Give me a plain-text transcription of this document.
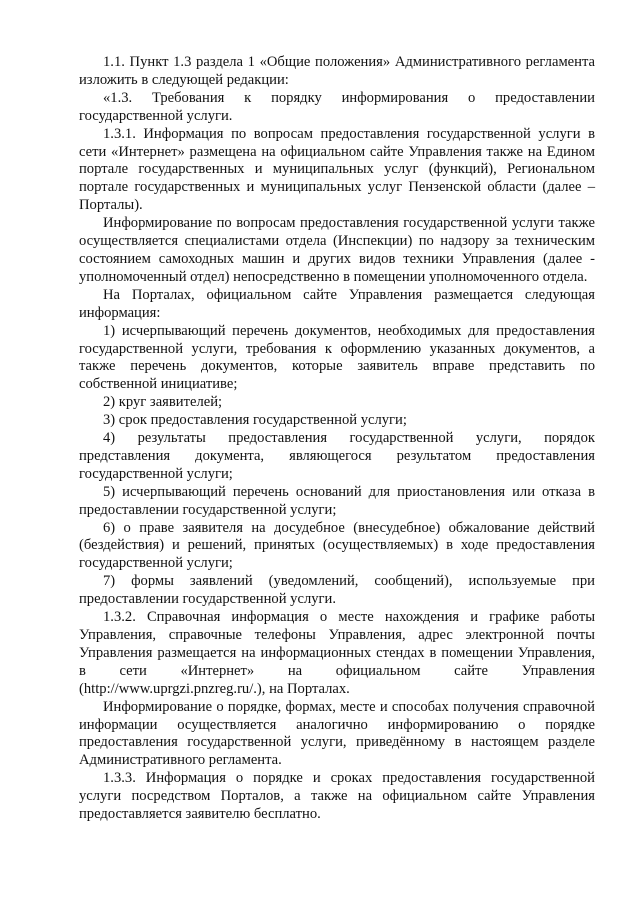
1.1. Пункт 1.3 раздела 1 «Общие положения» Административного регламента изложить в следующей редакции:

«1.3. Требования к порядку информирования о предоставлении государственной услуги.

1.3.1. Информация по вопросам предоставления государственной услуги в сети «Интернет» размещена на официальном сайте Управления также на Едином портале государственных и муниципальных услуг (функций), Региональном портале государственных и муниципальных услуг Пензенской области (далее – Порталы).

Информирование по вопросам предоставления государственной услуги также осуществляется специалистами отдела (Инспекции) по надзору за техническим состоянием самоходных машин и других видов техники Управления (далее - уполномоченный отдел) непосредственно в помещении уполномоченного отдела.

На Порталах, официальном сайте Управления размещается следующая информация:

1) исчерпывающий перечень документов, необходимых для предоставления государственной услуги, требования к оформлению указанных документов, а также перечень документов, которые заявитель вправе представить по собственной инициативе;

2) круг заявителей;

3) срок предоставления государственной услуги;

4) результаты предоставления государственной услуги, порядок представления документа, являющегося результатом предоставления государственной услуги;

5) исчерпывающий перечень оснований для приостановления или отказа в предоставлении государственной услуги;

6) о праве заявителя на досудебное (внесудебное) обжалование действий (бездействия) и решений, принятых (осуществляемых) в ходе предоставления государственной услуги;

7) формы заявлений (уведомлений, сообщений), используемые при предоставлении государственной услуги.

1.3.2. Справочная информация о месте нахождения и графике работы Управления, справочные телефоны Управления, адрес электронной почты Управления размещается на информационных стендах в помещении Управления, в сети «Интернет» на официальном сайте Управления (http://www.uprgzi.pnzreg.ru/.), на Порталах.

Информирование о порядке, формах, месте и способах получения справочной информации осуществляется аналогично информированию о порядке предоставления государственной услуги, приведённому в настоящем разделе Административного регламента.

1.3.3. Информация о порядке и сроках предоставления государственной услуги посредством Порталов, а также на официальном сайте Управления предоставляется заявителю бесплатно.
